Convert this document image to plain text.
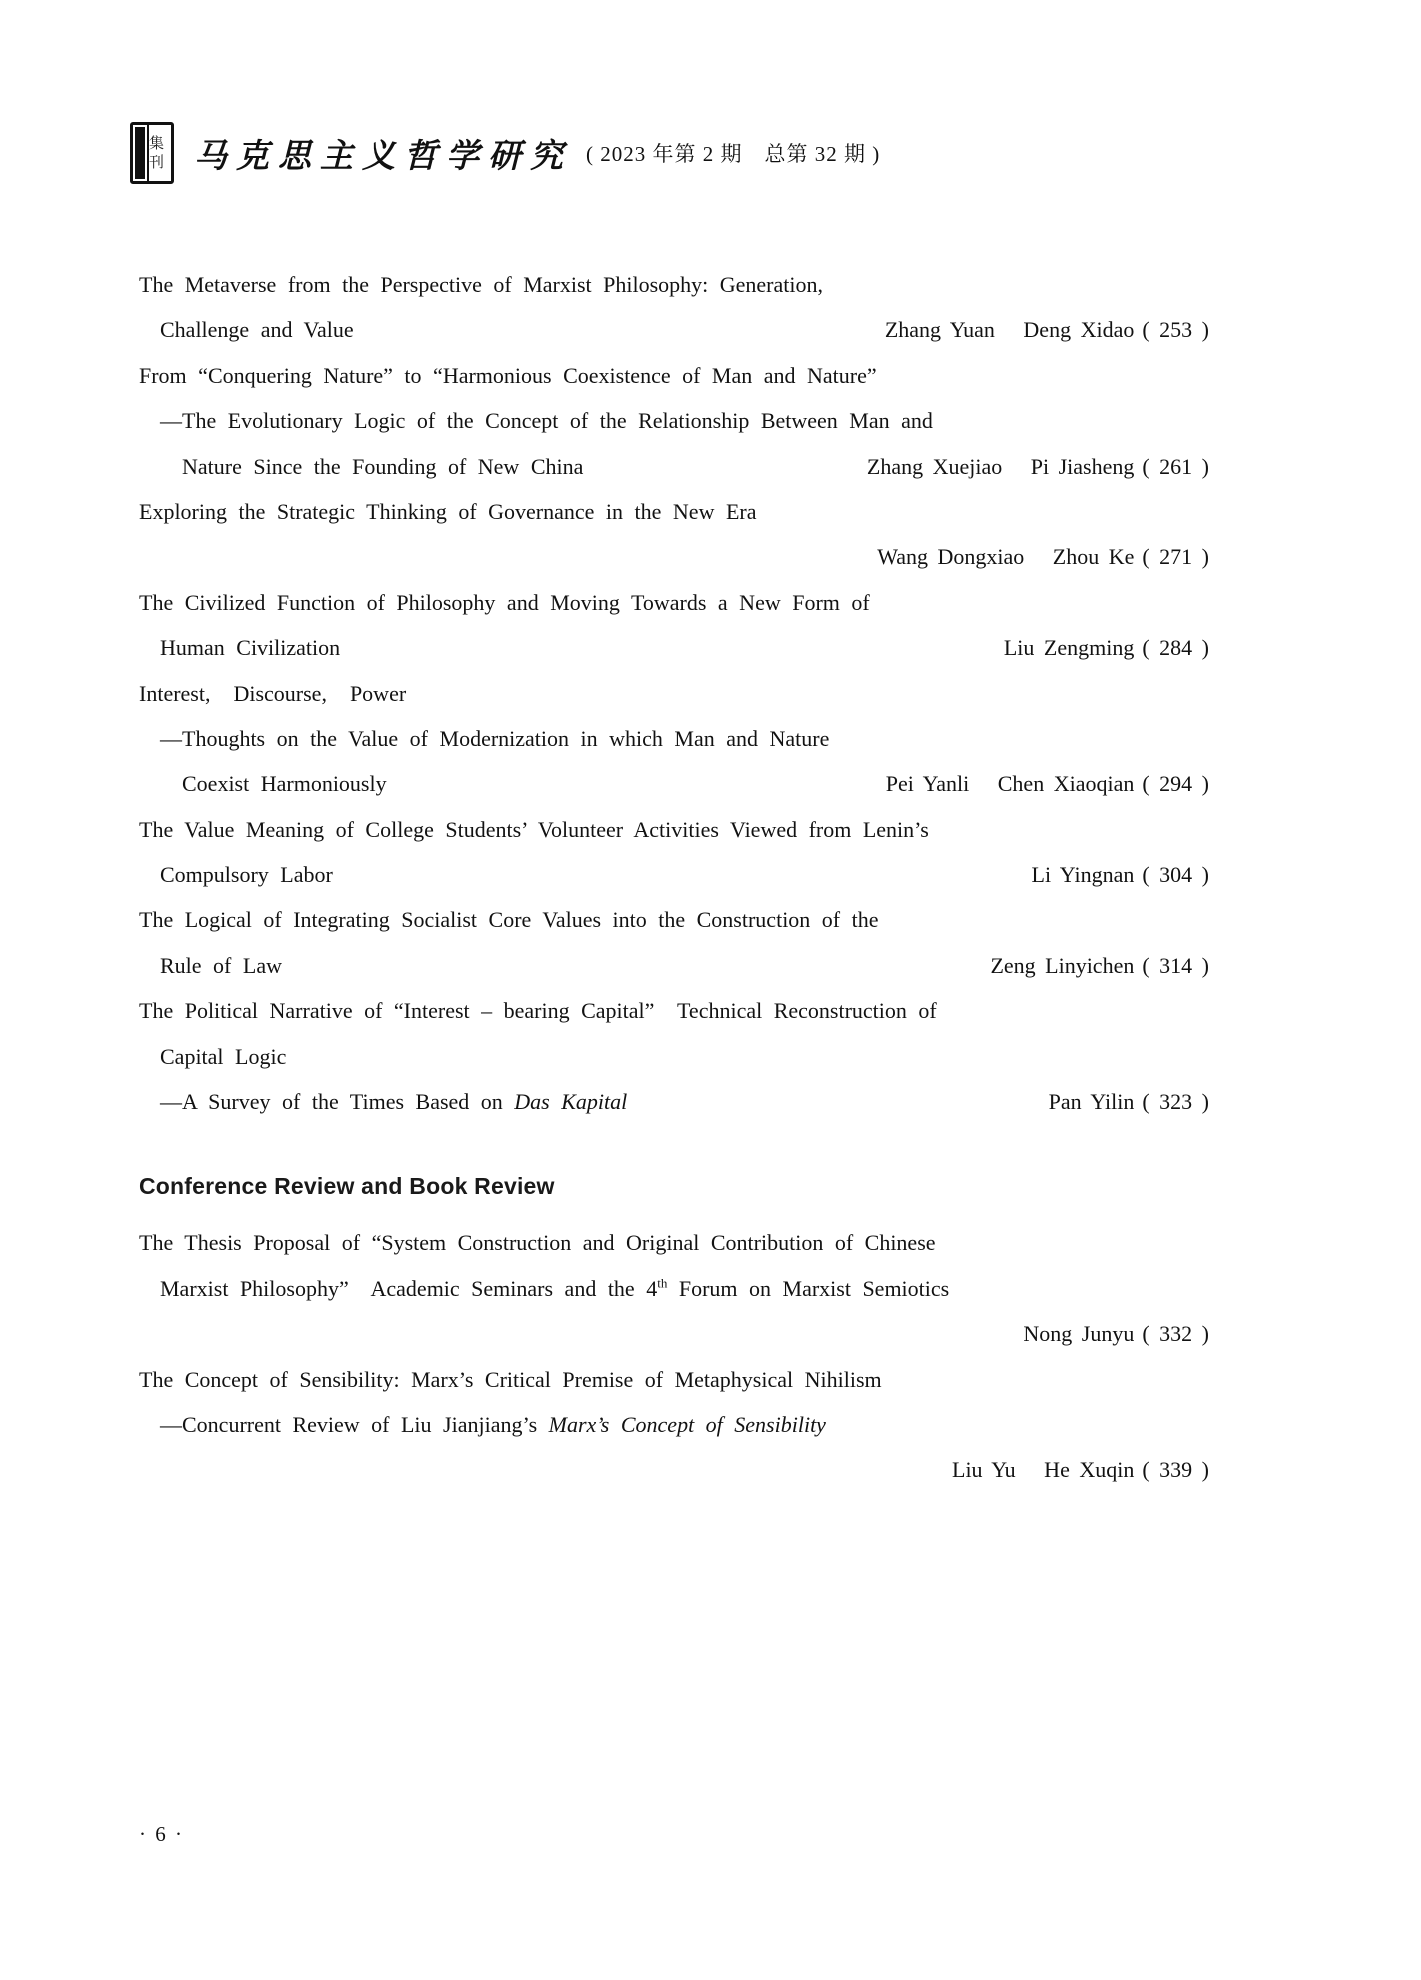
集刊 马克思主义哲学研究 ( 2023 年第 2 期　总第 32 期 )
The Metaverse from the Perspective of Marxist Philosophy: Generation,
Challenge and Value	Zhang Yuan   Deng Xidao ( 253 )
From “Conquering Nature” to “Harmonious Coexistence of Man and Nature”
—The Evolutionary Logic of the Concept of the Relationship Between Man and
Nature Since the Founding of New China	Zhang Xuejiao   Pi Jiasheng ( 261 )
Exploring the Strategic Thinking of Governance in the New Era
Wang Dongxiao   Zhou Ke ( 271 )
The Civilized Function of Philosophy and Moving Towards a New Form of
Human Civilization	Liu Zengming ( 284 )
Interest,  Discourse,  Power
—Thoughts on the Value of Modernization in which Man and Nature
Coexist Harmoniously	Pei Yanli   Chen Xiaoqian ( 294 )
The Value Meaning of College Students’ Volunteer Activities Viewed from Lenin’s
Compulsory Labor	Li Yingnan ( 304 )
The Logical of Integrating Socialist Core Values into the Construction of the
Rule of Law	Zeng Linyichen ( 314 )
The Political Narrative of “Interest – bearing Capital”  Technical Reconstruction of
Capital Logic
—A Survey of the Times Based on Das Kapital	Pan Yilin ( 323 )
Conference Review and Book Review
The Thesis Proposal of “System Construction and Original Contribution of Chinese
Marxist Philosophy”  Academic Seminars and the 4th Forum on Marxist Semiotics
Nong Junyu ( 332 )
The Concept of Sensibility: Marx’s Critical Premise of Metaphysical Nihilism
—Concurrent Review of Liu Jianjiang’s Marx’s Concept of Sensibility
Liu Yu   He Xuqin ( 339 )
· 6 ·
